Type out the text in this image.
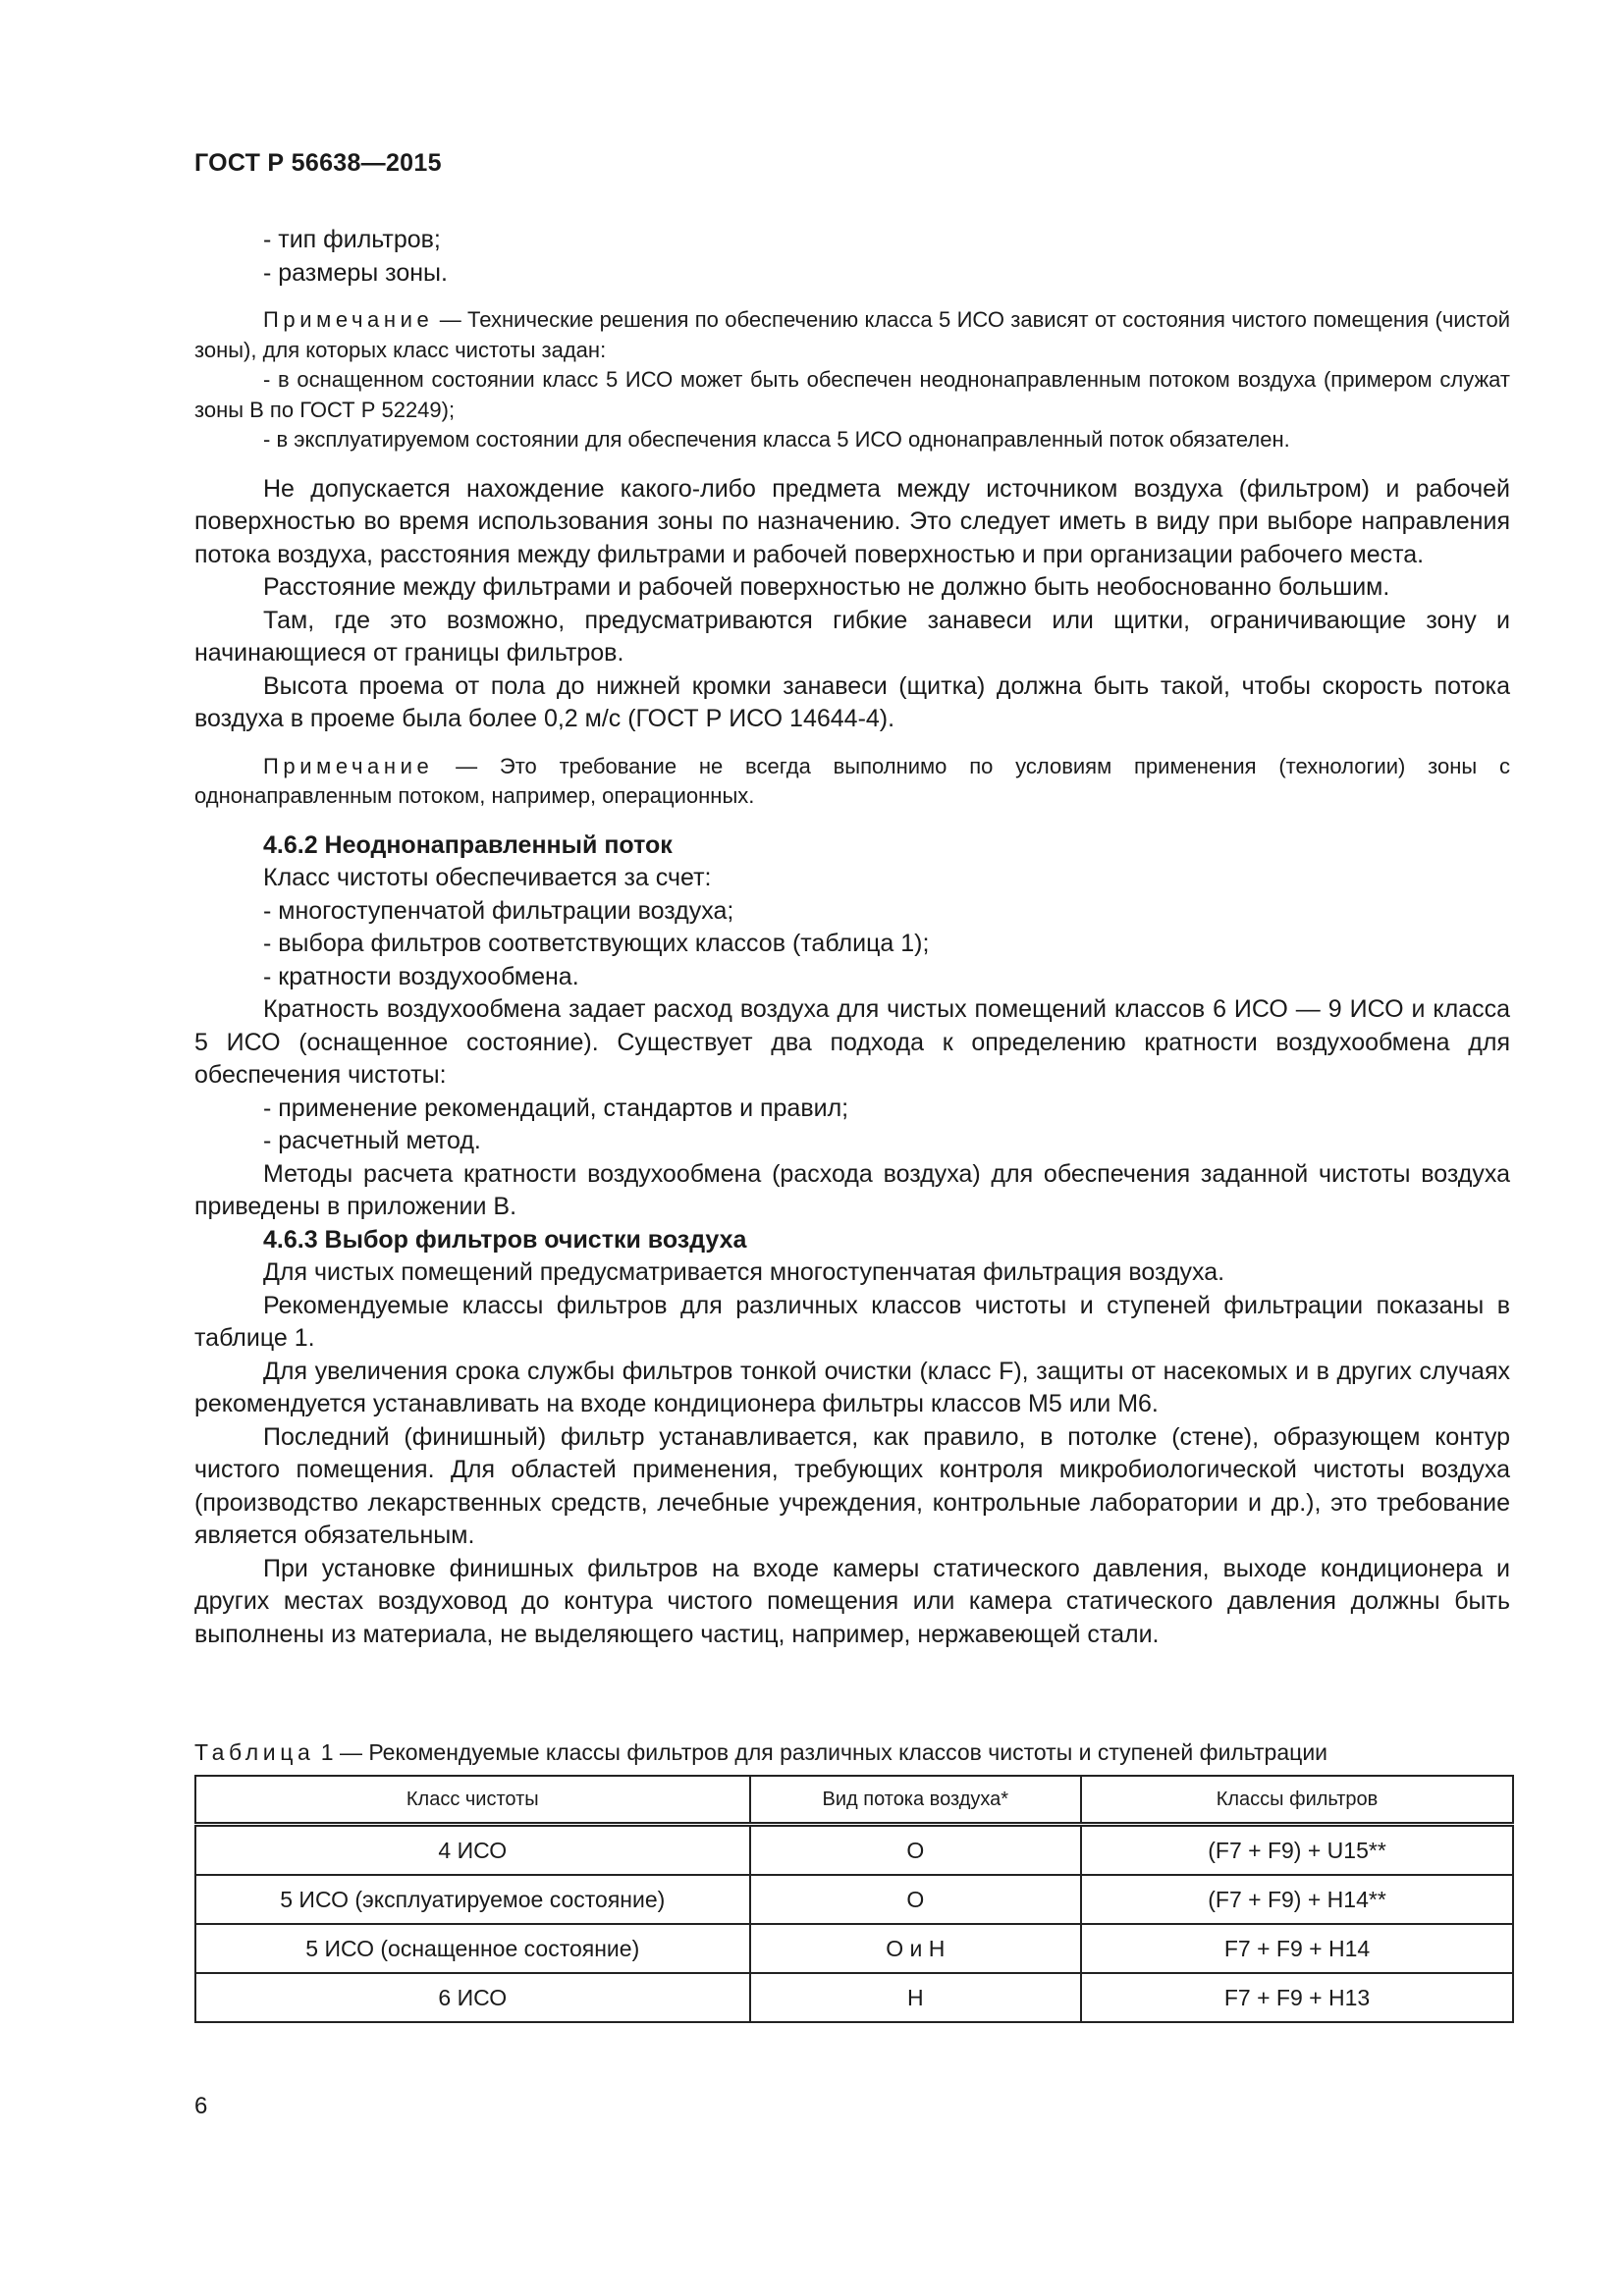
ГОСТ Р 56638—2015

- тип фильтров;

- размеры зоны.

Примечание — Технические решения по обеспечению класса 5 ИСО зависят от состояния чистого помещения (чистой зоны), для которых класс чистоты задан:

- в оснащенном состоянии класс 5 ИСО может быть обеспечен неоднонаправленным потоком воздуха (примером служат зоны В по ГОСТ Р 52249);

- в эксплуатируемом состоянии для обеспечения класса 5 ИСО однонаправленный поток обязателен.

Не допускается нахождение какого-либо предмета между источником воздуха (фильтром) и рабочей поверхностью во время использования зоны по назначению. Это следует иметь в виду при выборе направления потока воздуха, расстояния между фильтрами и рабочей поверхностью и при организации рабочего места.

Расстояние между фильтрами и рабочей поверхностью не должно быть необоснованно большим.

Там, где это возможно, предусматриваются гибкие занавеси или щитки, ограничивающие зону и начинающиеся от границы фильтров.

Высота проема от пола до нижней кромки занавеси (щитка) должна быть такой, чтобы скорость потока воздуха в проеме была более 0,2 м/с (ГОСТ Р ИСО 14644-4).

Примечание — Это требование не всегда выполнимо по условиям применения (технологии) зоны с однонаправленным потоком, например, операционных.

4.6.2 Неоднонаправленный поток

Класс чистоты обеспечивается за счет:

- многоступенчатой фильтрации воздуха;

- выбора фильтров соответствующих классов (таблица 1);

- кратности воздухообмена.

Кратность воздухообмена задает расход воздуха для чистых помещений классов 6 ИСО — 9 ИСО и класса 5 ИСО (оснащенное состояние). Существует два подхода к определению кратности воздухообмена для обеспечения чистоты:

- применение рекомендаций, стандартов и правил;

- расчетный метод.

Методы расчета кратности воздухообмена (расхода воздуха) для обеспечения заданной чистоты воздуха приведены в приложении В.

4.6.3 Выбор фильтров очистки воздуха

Для чистых помещений предусматривается многоступенчатая фильтрация воздуха.

Рекомендуемые классы фильтров для различных классов чистоты и ступеней фильтрации показаны в таблице 1.

Для увеличения срока службы фильтров тонкой очистки (класс F), защиты от насекомых и в других случаях рекомендуется устанавливать на входе кондиционера фильтры классов М5 или М6.

Последний (финишный) фильтр устанавливается, как правило, в потолке (стене), образующем контур чистого помещения. Для областей применения, требующих контроля микробиологической чистоты воздуха (производство лекарственных средств, лечебные учреждения, контрольные лаборатории и др.), это требование является обязательным.

При установке финишных фильтров на входе камеры статического давления, выходе кондиционера и других местах воздуховод до контура чистого помещения или камера статического давления должны быть выполнены из материала, не выделяющего частиц, например, нержавеющей стали.

Таблица 1 — Рекомендуемые классы фильтров для различных классов чистоты и ступеней фильтрации
Класс чистоты	Вид потока воздуха*	Классы фильтров
4 ИСО	О	(F7 + F9) + U15**
5 ИСО (эксплуатируемое состояние)	О	(F7 + F9) + H14**
5 ИСО (оснащенное состояние)	О и Н	F7 + F9 + H14
6 ИСО	Н	F7 + F9 + H13
6
